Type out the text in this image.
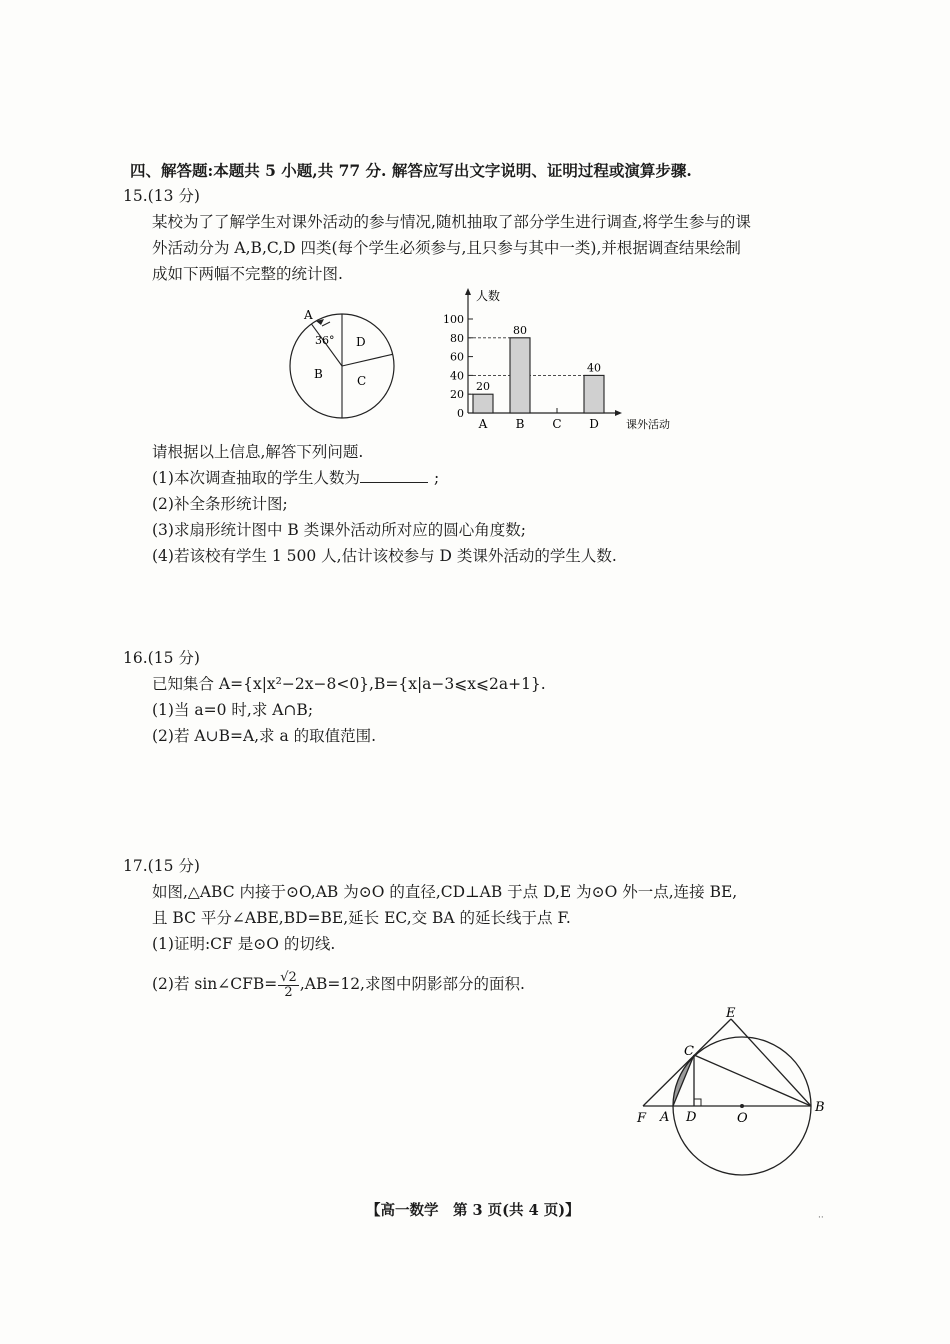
四、解答题:本题共 5 小题,共 77 分. 解答应写出文字说明、证明过程或演算步骤.
15.(13 分)
某校为了了解学生对课外活动的参与情况,随机抽取了部分学生进行调查,将学生参与的课
外活动分为 A,B,C,D 四类(每个学生必须参与,且只参与其中一类),并根据调查结果绘制
成如下两幅不完整的统计图.
A
36° D
B	C
人数
课外活动
0
20
40
60
80
100
20
A
80
B C
40
D
请根据以上信息,解答下列问题.
(1)本次调查抽取的学生人数为	;
(2)补全条形统计图;
(3)求扇形统计图中 B 类课外活动所对应的圆心角度数;
(4)若该校有学生 1 500 人,估计该校参与 D 类课外活动的学生人数.
16.(15 分)
已知集合 A={x|x²−2x−8<0},B={x|a−3⩽x⩽2a+1}.
(1)当 a=0 时,求 A∩B;
(2)若 A∪B=A,求 a 的取值范围.
17.(15 分)
如图,△ABC 内接于⊙O,AB 为⊙O 的直径,CD⊥AB 于点 D,E 为⊙O 外一点,连接 BE,
且 BC 平分∠ABE,BD=BE,延长 EC,交 BA 的延长线于点 F.
(1)证明:CF 是⊙O 的切线.
(2)若 sin∠CFB= $\frac{√2}{2} ,AB=12$,求图中阴影部分的面积.
E
C
F A D	O
B
【高一数学　第 3 页(共 4 页)】	··
